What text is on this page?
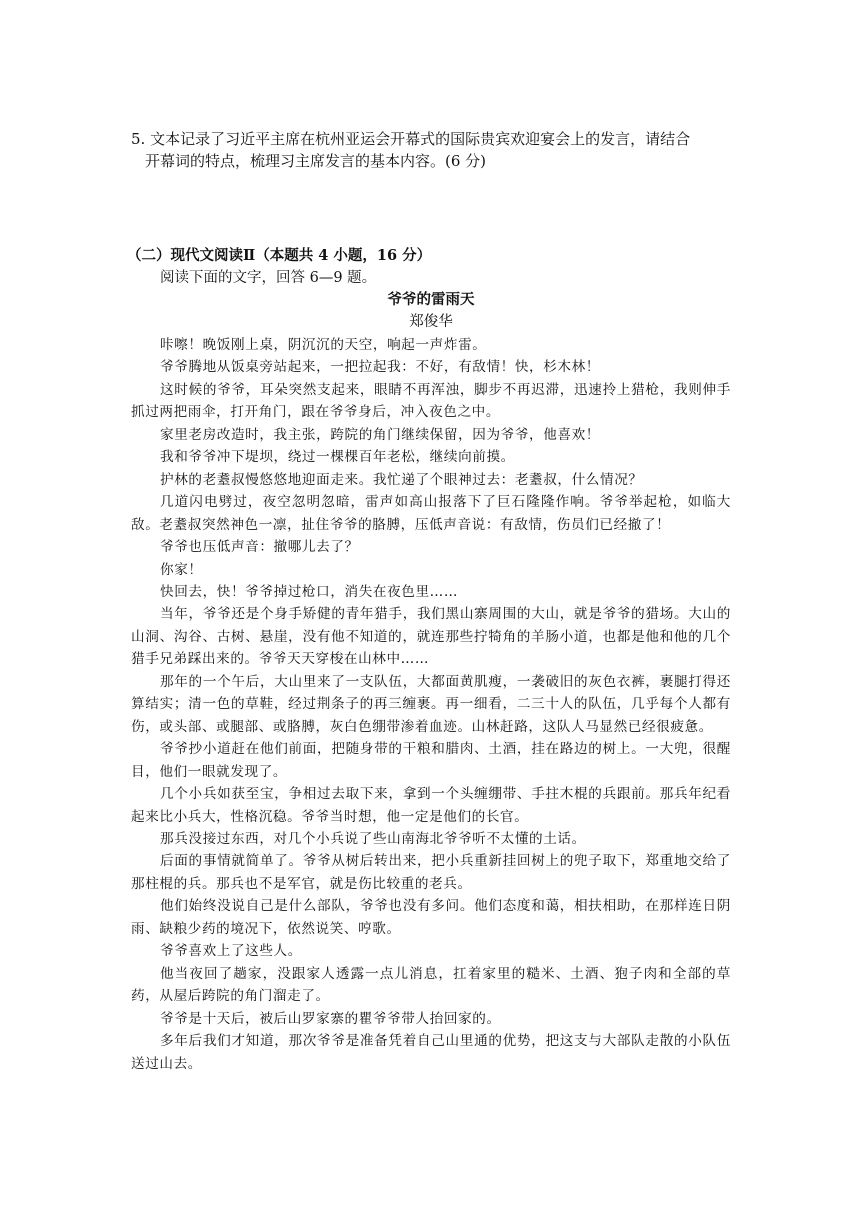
5. 文本记录了习近平主席在杭州亚运会开幕式的国际贵宾欢迎宴会上的发言，请结合
开幕词的特点，梳理习主席发言的基本内容。(6 分)
（二）现代文阅读Ⅱ（本题共 4 小题，16 分）
阅读下面的文字，回答 6—9 题。
爷爷的雷雨天
郑俊华

咔嚓！晚饭刚上桌，阴沉沉的天空，响起一声炸雷。

爷爷腾地从饭桌旁站起来，一把拉起我：不好，有敌情！快，杉木林！

这时候的爷爷，耳朵突然支起来，眼睛不再浑浊，脚步不再迟滞，迅速拎上猎枪，我则伸手抓过两把雨伞，打开角门，跟在爷爷身后，冲入夜色之中。

家里老房改造时，我主张，跨院的角门继续保留，因为爷爷，他喜欢！

我和爷爷冲下堤坝，绕过一棵棵百年老松，继续向前摸。

护林的老耋叔慢悠悠地迎面走来。我忙递了个眼神过去：老耋叔，什么情况？

几道闪电劈过，夜空忽明忽暗，雷声如高山报落下了巨石隆隆作响。爷爷举起枪，如临大敌。老耋叔突然神色一凛，扯住爷爷的胳膊，压低声音说：有敌情，伤员们已经撤了！

爷爷也压低声音：撤哪儿去了？

你家！

快回去，快！爷爷掉过枪口，消失在夜色里……

当年，爷爷还是个身手矫健的青年猎手，我们黑山寨周围的大山，就是爷爷的猎场。大山的山洞、沟谷、古树、悬崖，没有他不知道的，就连那些拧犄角的羊肠小道，也都是他和他的几个猎手兄弟踩出来的。爷爷天天穿梭在山林中……

那年的一个午后，大山里来了一支队伍，大都面黄肌瘦，一袭破旧的灰色衣裤，裹腿打得还算结实；清一色的草鞋，经过荆条子的再三缠裹。再一细看，二三十人的队伍，几乎每个人都有伤，或头部、或腿部、或胳膊，灰白色绷带渗着血迹。山林赶路，这队人马显然已经很疲惫。

爷爷抄小道赶在他们前面，把随身带的干粮和腊肉、土酒，挂在路边的树上。一大兜，很醒目，他们一眼就发现了。

几个小兵如获至宝，争相过去取下来，拿到一个头缠绷带、手拄木棍的兵跟前。那兵年纪看起来比小兵大，性格沉稳。爷爷当时想，他一定是他们的长官。

那兵没接过东西，对几个小兵说了些山南海北爷爷听不太懂的土话。

后面的事情就简单了。爷爷从树后转出来，把小兵重新挂回树上的兜子取下，郑重地交给了那柱棍的兵。那兵也不是军官，就是伤比较重的老兵。

他们始终没说自己是什么部队，爷爷也没有多问。他们态度和蔼，相扶相助，在那样连日阴雨、缺粮少药的境况下，依然说笑、哼歌。

爷爷喜欢上了这些人。

他当夜回了趟家，没跟家人透露一点儿消息，扛着家里的糙米、土酒、狍子肉和全部的草药，从屋后跨院的角门溜走了。

爷爷是十天后，被后山罗家寨的瞿爷爷带人抬回家的。

多年后我们才知道，那次爷爷是准备凭着自己山里通的优势，把这支与大部队走散的小队伍送过山去。
